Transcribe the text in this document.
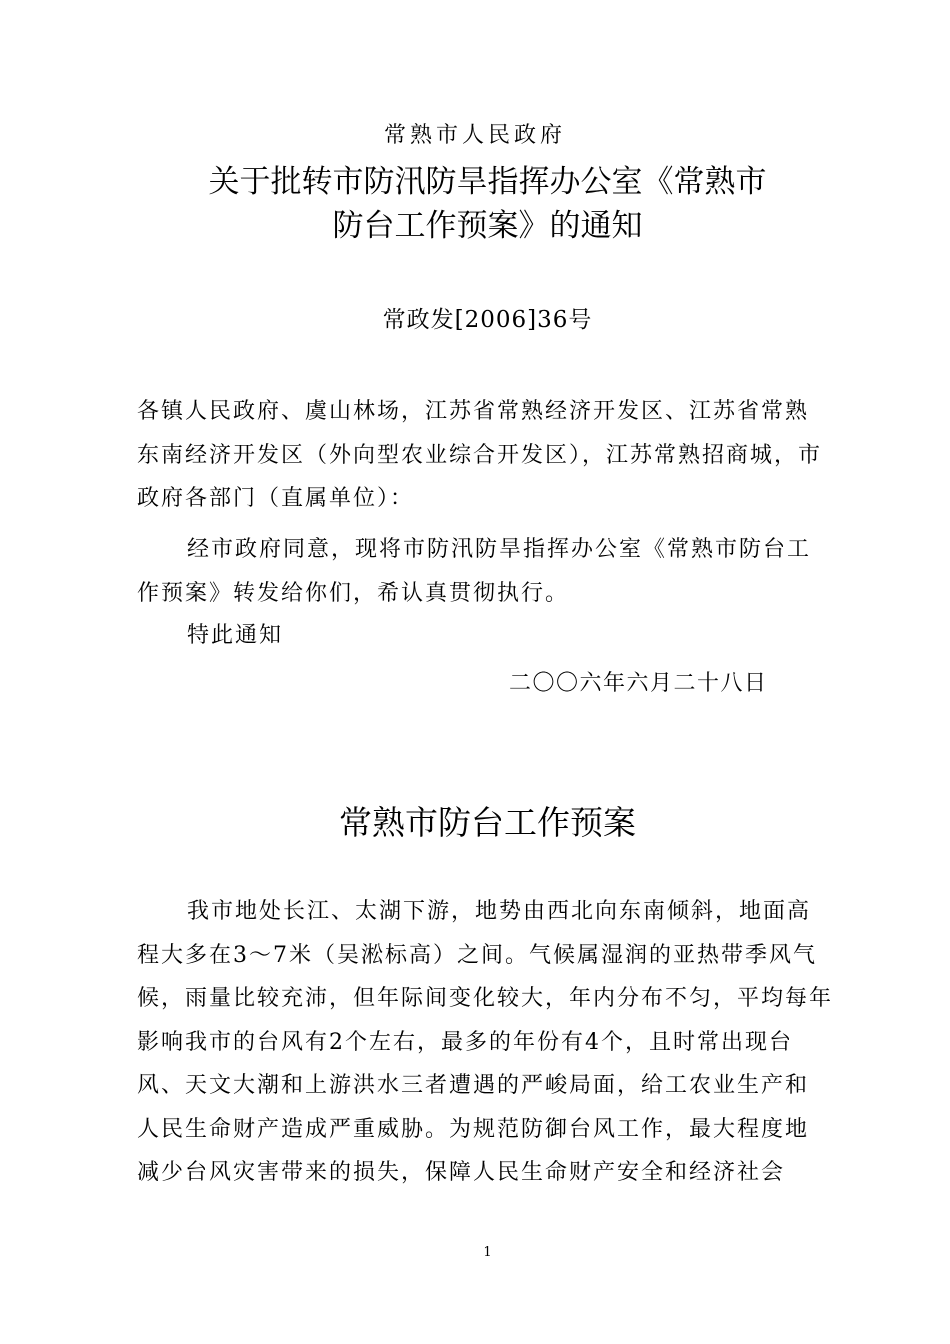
常熟市人民政府
关于批转市防汛防旱指挥办公室《常熟市
防台工作预案》的通知
常政发[2006]36号
各镇人民政府、虞山林场，江苏省常熟经济开发区、江苏省常熟
东南经济开发区（外向型农业综合开发区），江苏常熟招商城，市
政府各部门（直属单位）：
经市政府同意，现将市防汛防旱指挥办公室《常熟市防台工
作预案》转发给你们，希认真贯彻执行。
特此通知
二〇〇六年六月二十八日
常熟市防台工作预案
我市地处长江、太湖下游，地势由西北向东南倾斜，地面高
程大多在3～7米（吴淞标高）之间。气候属湿润的亚热带季风气
候，雨量比较充沛，但年际间变化较大，年内分布不匀，平均每年
影响我市的台风有2个左右，最多的年份有4个，且时常出现台
风、天文大潮和上游洪水三者遭遇的严峻局面，给工农业生产和
人民生命财产造成严重威胁。为规范防御台风工作，最大程度地
减少台风灾害带来的损失，保障人民生命财产安全和经济社会
1
